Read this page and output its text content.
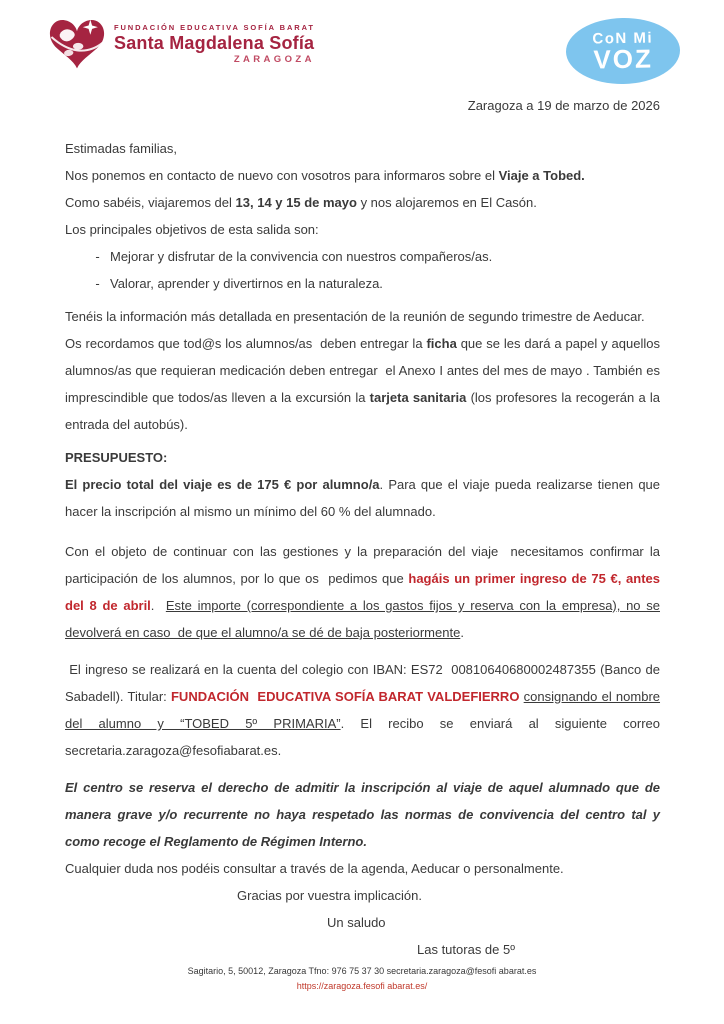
FUNDACIÓN EDUCATIVA SOFÍA BARAT
Santa Magdalena Sofía
ZARAGOZA
CoN Mi
VOZ
Zaragoza a 19 de marzo de 2026

Estimadas familias,

Nos ponemos en contacto de nuevo con vosotros para informaros sobre el Viaje a Tobed.

Como sabéis, viajaremos del 13, 14 y 15 de mayo y nos alojaremos en El Casón.

Los principales objetivos de esta salida son:

- Mejorar y disfrutar de la convivencia con nuestros compañeros/as.
- Valorar, aprender y divertirnos en la naturaleza.

Tenéis la información más detallada en presentación de la reunión de segundo trimestre de Aeducar.

Os recordamos que tod@s los alumnos/as  deben entregar la ficha que se les dará a papel y aquellos alumnos/as que requieran medicación deben entregar  el Anexo I antes del mes de mayo . También es imprescindible que todos/as lleven a la excursión la tarjeta sanitaria (los profesores la recogerán a la entrada del autobús).

PRESUPUESTO:

El precio total del viaje es de 175 € por alumno/a. Para que el viaje pueda realizarse tienen que hacer la inscripción al mismo un mínimo del 60 % del alumnado.

Con el objeto de continuar con las gestiones y la preparación del viaje  necesitamos confirmar la participación de los alumnos, por lo que os  pedimos que hagáis un primer ingreso de 75 €, antes del 8 de abril.  Este importe (correspondiente a los gastos fijos y reserva con la empresa), no se devolverá en caso  de que el alumno/a se dé de baja posteriormente.

El ingreso se realizará en la cuenta del colegio con IBAN: ES72  00810640680002487355 (Banco de Sabadell). Titular: FUNDACIÓN  EDUCATIVA SOFÍA BARAT VALDEFIERRO consignando el nombre del alumno y “TOBED 5º PRIMARIA”. El recibo se enviará al siguiente correo secretaria.zaragoza@fesofiabarat.es.

El centro se reserva el derecho de admitir la inscripción al viaje de aquel alumnado que de manera grave y/o recurrente no haya respetado las normas de convivencia del centro tal y como recoge el Reglamento de Régimen Interno.

Cualquier duda nos podéis consultar a través de la agenda, Aeducar o personalmente.

Gracias por vuestra implicación.

Un saludo

Las tutoras de 5º

Sagitario, 5, 50012, Zaragoza Tfno: 976 75 37 30 secretaria.zaragoza@fesofi abarat.es
https://zaragoza.fesofi abarat.es/
